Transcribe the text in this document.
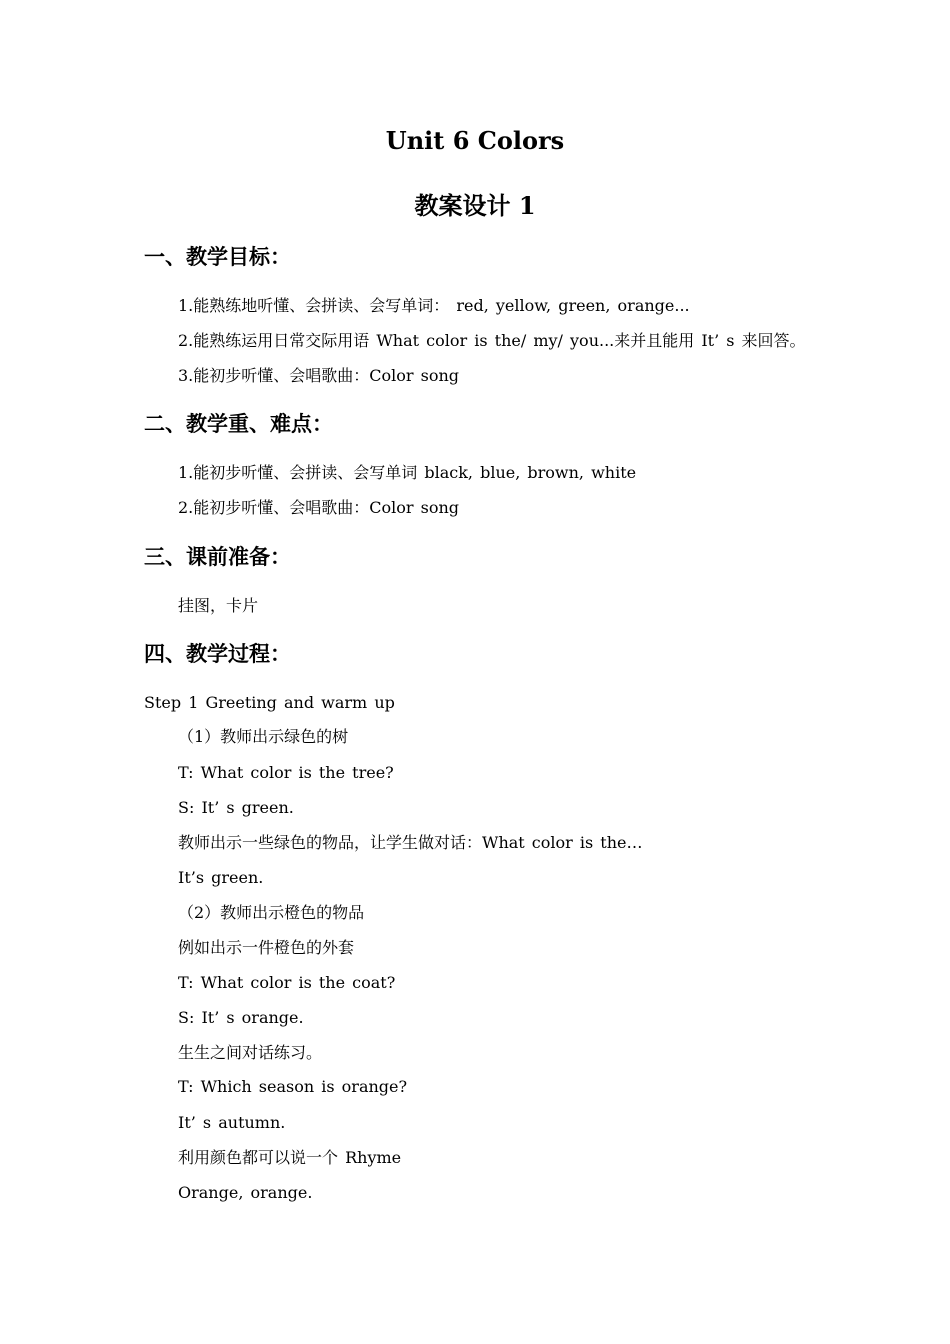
Unit 6 Colors
教案设计 1
一、教学目标：
1.能熟练地听懂、会拼读、会写单词： red, yellow, green, orange...
2.能熟练运用日常交际用语 What color is the/ my/ you...来并且能用 It’ s 来回答。
3.能初步听懂、会唱歌曲：Color song
二、教学重、难点：
1.能初步听懂、会拼读、会写单词 black, blue, brown, white
2.能初步听懂、会唱歌曲：Color song
三、课前准备：
挂图，卡片
四、教学过程：
Step 1 Greeting and warm up
（1）教师出示绿色的树
T: What color is the tree?
S: It’ s green.
教师出示一些绿色的物品，让学生做对话：What color is the…
It’s green.
（2）教师出示橙色的物品
例如出示一件橙色的外套
T: What color is the coat?
S: It’ s orange.
生生之间对话练习。
T: Which season is orange?
It’ s autumn.
利用颜色都可以说一个 Rhyme
Orange, orange.
